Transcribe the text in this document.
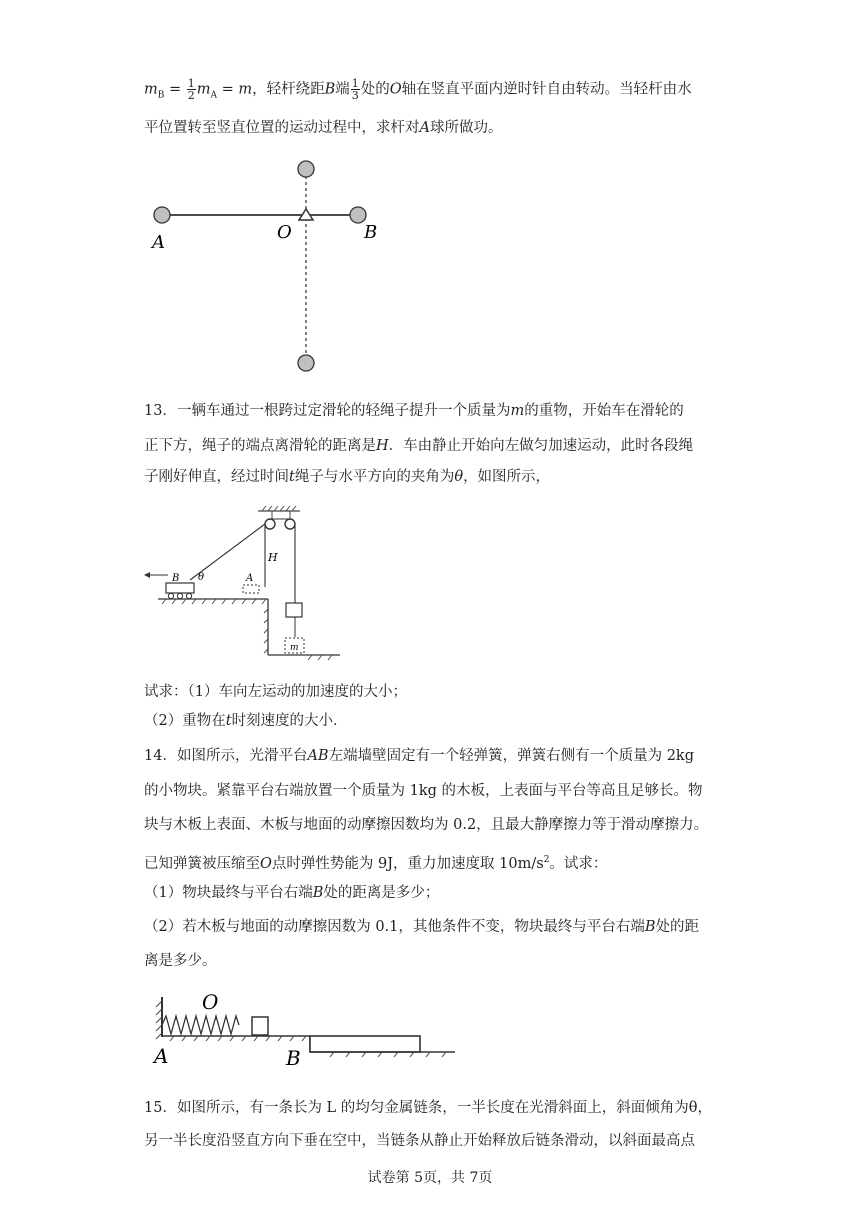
$m_B = \frac{1}{2} m_A = m$，轻杆绕距B端 $\frac{1}{3}$ 处的O轴在竖直平面内逆时针自由转动。当轻杆由水
平位置转至竖直位置的运动过程中，求杆对A球所做功。
A	O	B
13．一辆车通过一根跨过定滑轮的轻绳子提升一个质量为m的重物，开始车在滑轮的
正下方，绳子的端点离滑轮的距离是H．车由静止开始向左做匀加速运动，此时各段绳
子刚好伸直，经过时间t绳子与水平方向的夹角为θ，如图所示，
m
B θ	A
H
试求：（1）车向左运动的加速度的大小；
（2）重物在t时刻速度的大小．
14．如图所示，光滑平台AB左端墙壁固定有一个轻弹簧，弹簧右侧有一个质量为 2kg
的小物块。紧靠平台右端放置一个质量为 1kg 的木板，上表面与平台等高且足够长。物
块与木板上表面、木板与地面的动摩擦因数均为 0.2，且最大静摩擦力等于滑动摩擦力。
已知弹簧被压缩至O点时弹性势能为 9J，重力加速度取 $10m/s^2$。试求：
（1）物块最终与平台右端B处的距离是多少；
（2）若木板与地面的动摩擦因数为 0.1，其他条件不变，物块最终与平台右端B处的距
离是多少。
O
A	B
15．如图所示，有一条长为 L 的均匀金属链条，一半长度在光滑斜面上，斜面倾角为θ，
另一半长度沿竖直方向下垂在空中，当链条从静止开始释放后链条滑动，以斜面最高点
试卷第 5页，共 7页
